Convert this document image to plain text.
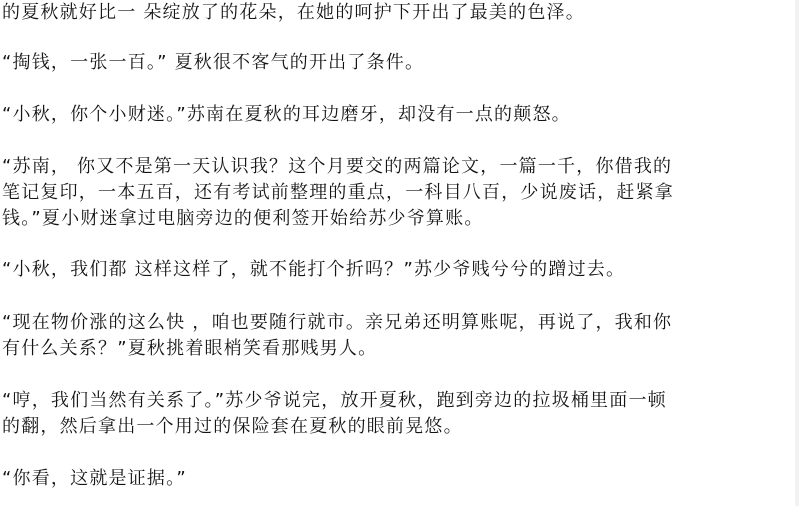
的夏秋就好比一 朵绽放了的花朵，在她的呵护下开出了最美的色泽。

“掏钱，一张一百。” 夏秋很不客气的开出了条件。

“小秋，你个小财迷。”苏南在夏秋的耳边磨牙，却没有一点的颠怒。

“苏南， 你又不是第一天认识我？这个月要交的两篇论文，一篇一千，你借我的
笔记复印，一本五百，还有考试前整理的重点，一科目八百，少说废话，赶紧拿
钱。”夏小财迷拿过电脑旁边的便利签开始给苏少爷算账。

“小秋，我们都 这样这样了，就不能打个折吗？”苏少爷贱兮兮的蹭过去。

“现在物价涨的这么快 ，咱也要随行就市。亲兄弟还明算账呢，再说了，我和你
有什么关系？”夏秋挑着眼梢笑看那贱男人。

“哼，我们当然有关系了。”苏少爷说完，放开夏秋，跑到旁边的拉圾桶里面一顿
的翻，然后拿出一个用过的保险套在夏秋的眼前晃悠。

“你看，这就是证据。”
